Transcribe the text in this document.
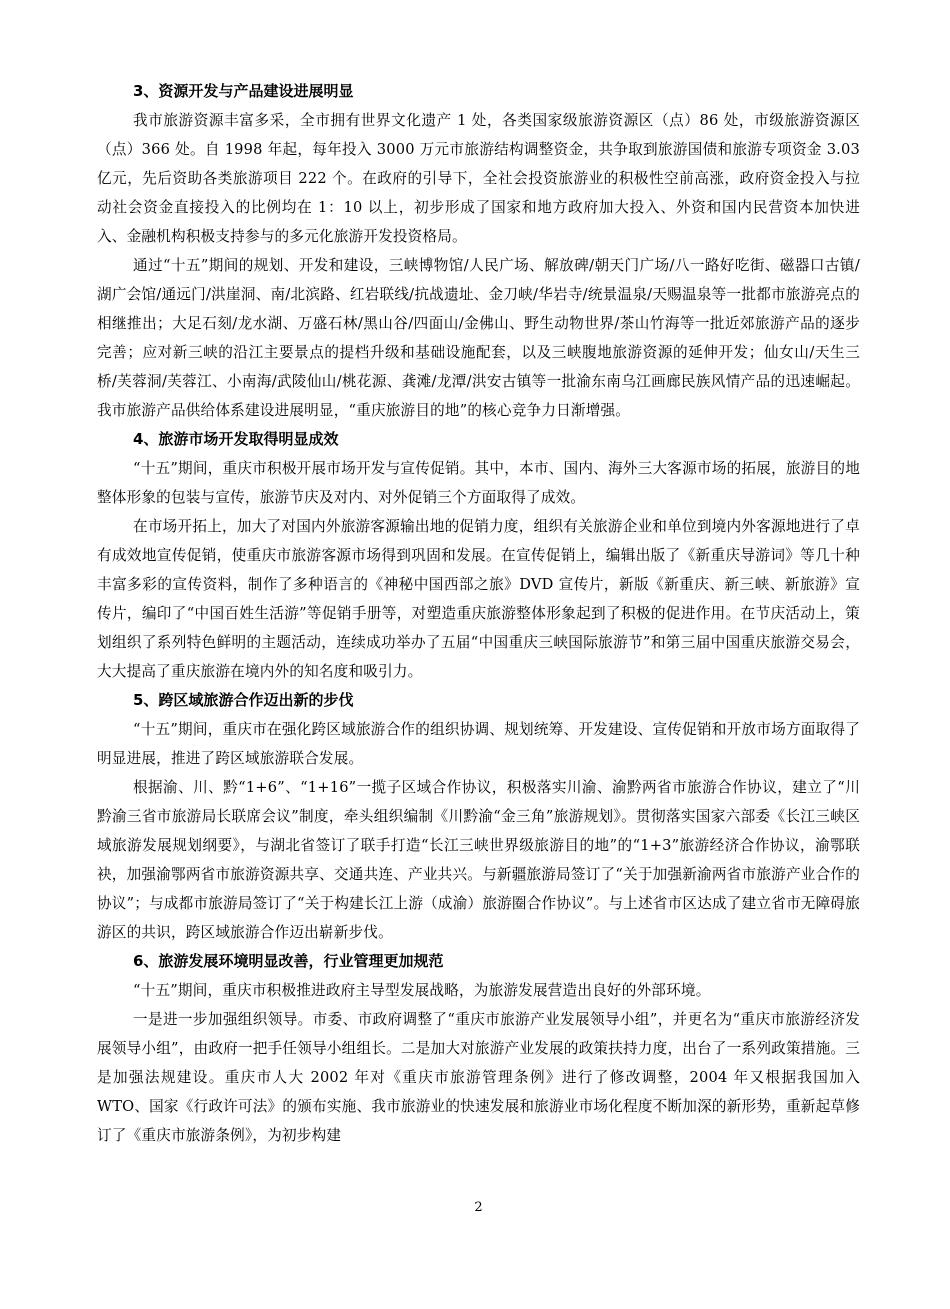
3、资源开发与产品建设进展明显

我市旅游资源丰富多采，全市拥有世界文化遗产 1 处，各类国家级旅游资源区（点）86 处，市级旅游资源区（点）366 处。自 1998 年起，每年投入 3000 万元市旅游结构调整资金，共争取到旅游国债和旅游专项资金 3.03 亿元，先后资助各类旅游项目 222 个。在政府的引导下，全社会投资旅游业的积极性空前高涨，政府资金投入与拉动社会资金直接投入的比例均在 1：10 以上，初步形成了国家和地方政府加大投入、外资和国内民营资本加快进入、金融机构积极支持参与的多元化旅游开发投资格局。

通过“十五”期间的规划、开发和建设，三峡博物馆/人民广场、解放碑/朝天门广场/八一路好吃街、磁器口古镇/湖广会馆/通远门/洪崖洞、南/北滨路、红岩联线/抗战遗址、金刀峡/华岩寺/统景温泉/天赐温泉等一批都市旅游亮点的相继推出；大足石刻/龙水湖、万盛石林/黑山谷/四面山/金佛山、野生动物世界/茶山竹海等一批近郊旅游产品的逐步完善；应对新三峡的沿江主要景点的提档升级和基础设施配套，以及三峡腹地旅游资源的延伸开发；仙女山/天生三桥/芙蓉洞/芙蓉江、小南海/武陵仙山/桃花源、龚滩/龙潭/洪安古镇等一批渝东南乌江画廊民族风情产品的迅速崛起。我市旅游产品供给体系建设进展明显，“重庆旅游目的地”的核心竞争力日渐增强。

4、旅游市场开发取得明显成效

“十五”期间，重庆市积极开展市场开发与宣传促销。其中，本市、国内、海外三大客源市场的拓展，旅游目的地整体形象的包装与宣传，旅游节庆及对内、对外促销三个方面取得了成效。

在市场开拓上，加大了对国内外旅游客源输出地的促销力度，组织有关旅游企业和单位到境内外客源地进行了卓有成效地宣传促销，使重庆市旅游客源市场得到巩固和发展。在宣传促销上，编辑出版了《新重庆导游词》等几十种丰富多彩的宣传资料，制作了多种语言的《神秘中国西部之旅》DVD 宣传片，新版《新重庆、新三峡、新旅游》宣传片，编印了“中国百姓生活游”等促销手册等，对塑造重庆旅游整体形象起到了积极的促进作用。在节庆活动上，策划组织了系列特色鲜明的主题活动，连续成功举办了五届“中国重庆三峡国际旅游节”和第三届中国重庆旅游交易会，大大提高了重庆旅游在境内外的知名度和吸引力。

5、跨区域旅游合作迈出新的步伐

“十五”期间，重庆市在强化跨区域旅游合作的组织协调、规划统筹、开发建设、宣传促销和开放市场方面取得了明显进展，推进了跨区域旅游联合发展。

根据渝、川、黔“1+6”、“1+16”一揽子区域合作协议，积极落实川渝、渝黔两省市旅游合作协议，建立了“川黔渝三省市旅游局长联席会议”制度，牵头组织编制《川黔渝“金三角”旅游规划》。贯彻落实国家六部委《长江三峡区域旅游发展规划纲要》，与湖北省签订了联手打造“长江三峡世界级旅游目的地”的“1+3”旅游经济合作协议，渝鄂联袂，加强渝鄂两省市旅游资源共享、交通共连、产业共兴。与新疆旅游局签订了“关于加强新渝两省市旅游产业合作的协议”；与成都市旅游局签订了“关于构建长江上游（成渝）旅游圈合作协议”。与上述省市区达成了建立省市无障碍旅游区的共识，跨区域旅游合作迈出崭新步伐。

6、旅游发展环境明显改善，行业管理更加规范

“十五”期间，重庆市积极推进政府主导型发展战略，为旅游发展营造出良好的外部环境。

一是进一步加强组织领导。市委、市政府调整了“重庆市旅游产业发展领导小组”，并更名为“重庆市旅游经济发展领导小组”，由政府一把手任领导小组组长。二是加大对旅游产业发展的政策扶持力度，出台了一系列政策措施。三是加强法规建设。重庆市人大 2002 年对《重庆市旅游管理条例》进行了修改调整，2004 年又根据我国加入 WTO、国家《行政许可法》的颁布实施、我市旅游业的快速发展和旅游业市场化程度不断加深的新形势，重新起草修订了《重庆市旅游条例》，为初步构建

2
